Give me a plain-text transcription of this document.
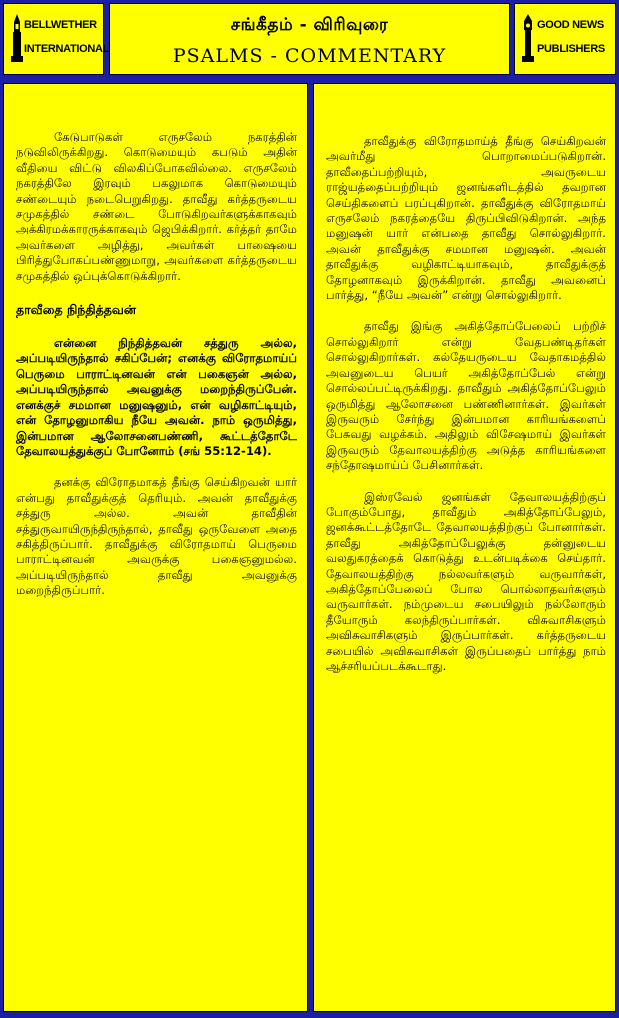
BELLWETHER
INTERNATIONAL
சங்கீதம் - விரிவுரை
PSALMS - COMMENTARY
GOOD NEWS
PUBLISHERS

கேடுபாடுகள் எருசலேம் நகரத்தின் நடுவிலிருக்கிறது. கொடுமையும் கபடும் அதின் வீதியை விட்டு விலகிப்போகவில்லை. எருசலேம் நகரத்திலே இரவும் பகலுமாக கொடுமையும் சண்டையும் நடைபெறுகிறது. தாவீது கர்த்தருடைய சமுகத்தில் சண்டை போடுகிறவர்களுக்காகவும் அக்கிரமக்காரருக்காகவும் ஜெபிக்கிறார். கர்த்தர் தாமே அவர்களை அழித்து, அவர்கள் பாஷையை பிரித்துபோகப்பண்ணுமாறு, அவர்களை கர்த்தருடைய சமுகத்தில் ஒப்புக்கொடுக்கிறார்.

தாவீதை நிந்தித்தவன்

என்னை நிந்தித்தவன் சத்துரு அல்ல, அப்படியிருந்தால் சகிப்பேன்; எனக்கு விரோதமாய்ப் பெருமை பாராட்டினவன் என் பகைஞன் அல்ல, அப்படியிருந்தால் அவனுக்கு மறைந்திருப்பேன். எனக்குச் சமமான மனுஷனும், என் வழிகாட்டியும், என் தோழனுமாகிய நீயே அவன். நாம் ஒருமித்து, இன்பமான ஆலோசனைபண்ணி, கூட்டத்தோடே தேவாலயத்துக்குப் போனோம் (சங் 55:12-14).

தனக்கு விரோதமாகத் தீங்கு செய்கிறவன் யார் என்பது தாவீதுக்குத் தெரியும். அவன் தாவீதுக்கு சத்துரு அல்ல. அவன் தாவீதின் சத்துருவாயிருந்திருந்தால், தாவீது ஒருவேளை அதை சகித்திருப்பார். தாவீதுக்கு விரோதமாய் பெருமை பாராட்டினவன் அவருக்கு பகைஞனுமல்ல. அப்படியிருந்தால் தாவீது அவனுக்கு மறைந்திருப்பார்.

தாவீதுக்கு விரோதமாய்த் தீங்கு செய்கிறவன் அவர்மீது பொறாமைப்படுகிறான். தாவீதைப்பற்றியும், அவருடைய ராஜ்யத்தைப்பற்றியும் ஜனங்களிடத்தில் தவறான செய்திகளைப் பரப்புகிறான். தாவீதுக்கு விரோதமாய் எருசலேம் நகரத்தையே திருப்பிவிடுகிறான். அந்த மனுஷன் யார் என்பதை தாவீது சொல்லுகிறார். அவன் தாவீதுக்கு சமமான மனுஷன். அவன் தாவீதுக்கு வழிகாட்டியாகவும், தாவீதுக்குத் தோழனாகவும் இருக்கிறான். தாவீது அவனைப் பார்த்து, “நீயே அவன்” என்று சொல்லுகிறார்.

தாவீது இங்கு அகித்தோப்பேலைப் பற்றிச் சொல்லுகிறார் என்று வேதபண்டிதர்கள் சொல்லுகிறார்கள். கல்தேயருடைய வேதாகமத்தில் அவனுடைய பெயர் அகித்தோப்பேல் என்று சொல்லப்பட்டிருக்கிறது. தாவீதும் அகித்தோப்பேலும் ஒருமித்து ஆலோசனை பண்ணினார்கள். இவர்கள் இருவரும் சேர்ந்து இன்பமான காரியங்களைப் பேசுவது வழக்கம். அதிலும் விசேஷமாய் இவர்கள் இருவரும் தேவாலயத்திற்கு அடுத்த காரியங்களை சந்தோஷமாய்ப் பேசினார்கள்.

இஸ்ரவேல் ஜனங்கள் தேவாலயத்திற்குப் போகும்போது, தாவீதும் அகித்தோப்பேலும், ஜனக்கூட்டத்தோடே தேவாலயத்திற்குப் போனார்கள். தாவீது அகித்தோப்பேலுக்கு தன்னுடைய வலதுகரத்தைக் கொடுத்து உடன்படிக்கை செய்தார். தேவாலயத்திற்கு நல்லவர்களும் வருவார்கள், அகித்தோப்பேலைப் போல பொல்லாதவர்களும் வருவார்கள். நம்முடைய சபையிலும் நல்லோரும் தீயோரும் கலந்திருப்பார்கள். விசுவாசிகளும் அவிசுவாசிகளும் இருப்பார்கள். கர்த்தருடைய சபையில் அவிசுவாசிகள் இருப்பதைப் பார்த்து நாம் ஆச்சரியப்படக்கூடாது.
